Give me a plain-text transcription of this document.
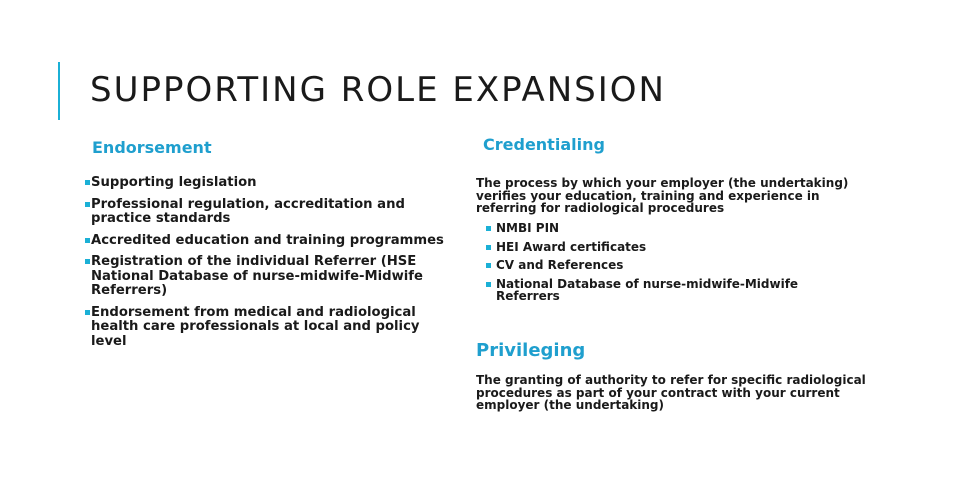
SUPPORTING ROLE EXPANSION
Endorsement
Supporting legislation
Professional regulation, accreditation and practice standards
Accredited education and training programmes
Registration of the individual Referrer (HSE National Database of nurse-midwife-Midwife Referrers)
Endorsement from medical and radiological health care professionals at local and policy level
Credentialing
The process by which your employer (the undertaking) verifies your education, training and experience in referring for radiological procedures
NMBI PIN
HEI Award certificates
CV and References
National Database of nurse-midwife-Midwife Referrers
Privileging
The granting of authority to refer for specific radiological procedures as part of your contract with your current employer (the undertaking)
